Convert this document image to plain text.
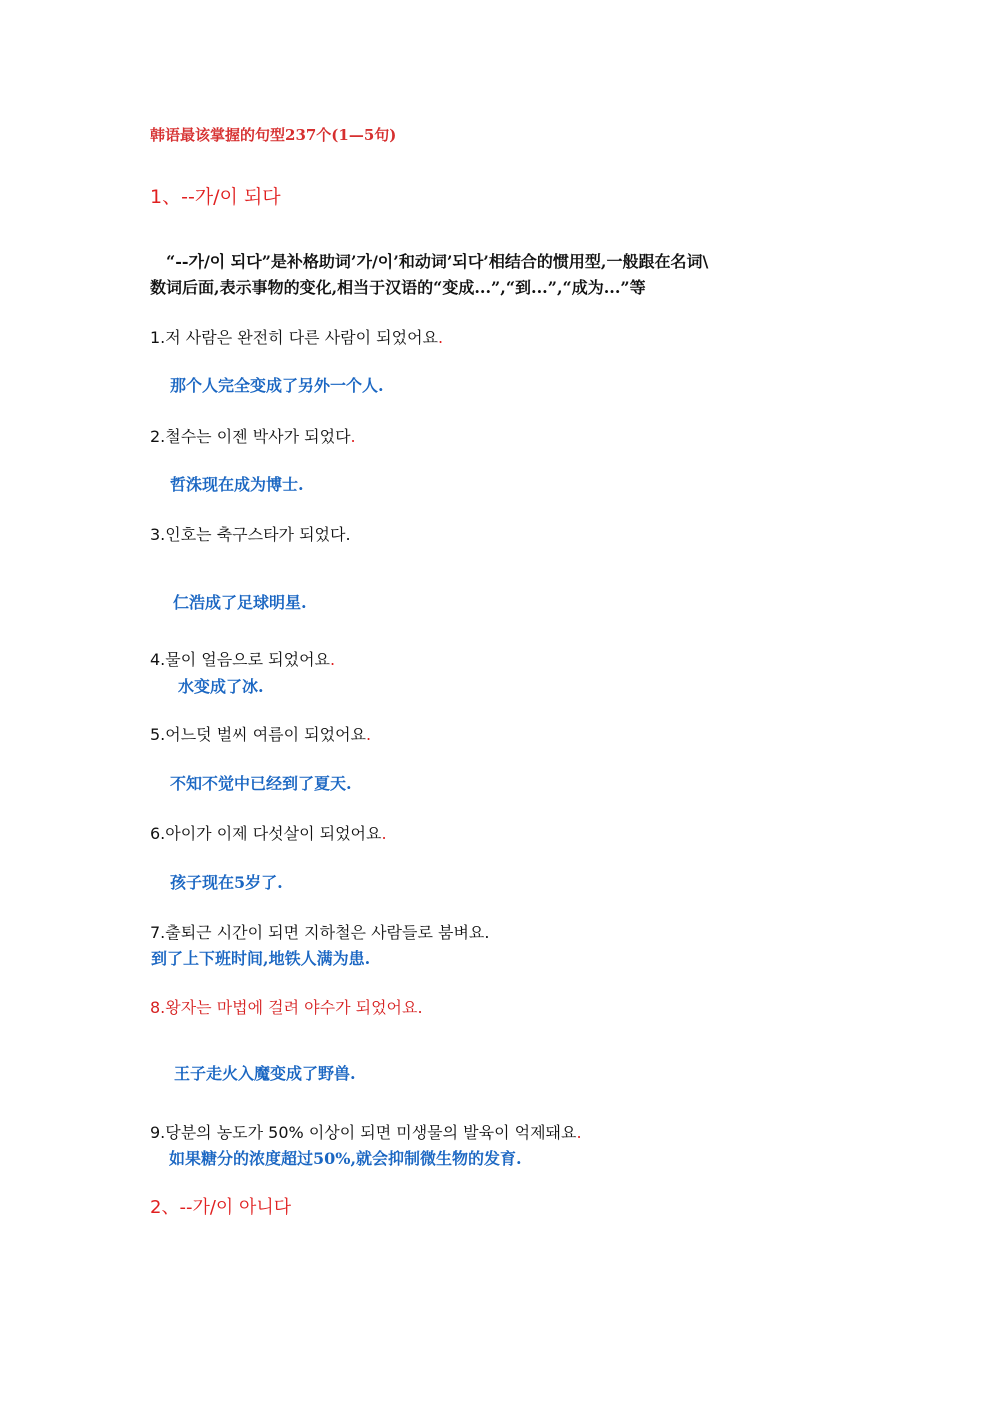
韩语最该掌握的句型237个(1—5句)

1、--가/이 되다

“--가/이 되다”是补格助词’가/이’和动词’되다’相结合的惯用型,一般跟在名词\

数词后面,表示事物的变化,相当于汉语的“变成...”,“到...”,“成为...”等

1.저 사람은 완전히 다른 사람이 되었어요.

那个人完全变成了另外一个人.

2.철수는 이젠 박사가 되었다.

哲洙现在成为博士.

3.인호는 축구스타가 되었다.

仁浩成了足球明星.

4.물이 얼음으로 되었어요.

水变成了冰.

5.어느덧 벌씨 여름이 되었어요.

不知不觉中已经到了夏天.

6.아이가 이제 다섯살이 되었어요.

孩子现在5岁了.

7.출퇴근 시간이 되면 지하철은 사람들로 붐벼요.

到了上下班时间,地铁人满为患.

8.왕자는 마법에 걸려 야수가 되었어요.

王子走火入魔变成了野兽.

9.당분의 농도가 50% 이상이 되면 미생물의 발육이 억제돼요.

如果糖分的浓度超过50%,就会抑制微生物的发育.

2、--가/이 아니다
